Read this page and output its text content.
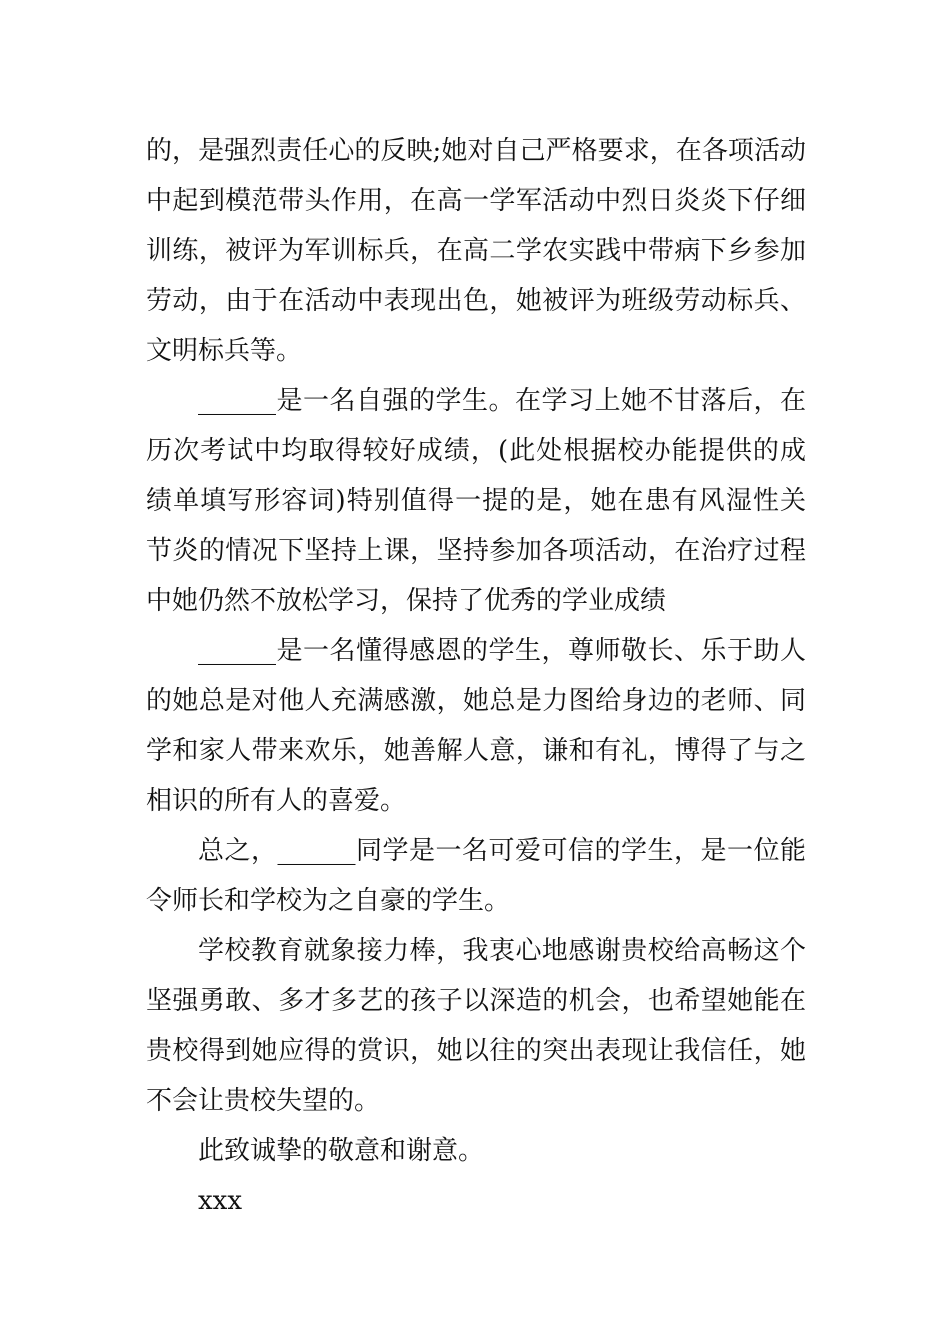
的，是强烈责任心的反映;她对自己严格要求，在各项活动中起到模范带头作用，在高一学军活动中烈日炎炎下仔细训练，被评为军训标兵，在高二学农实践中带病下乡参加劳动，由于在活动中表现出色，她被评为班级劳动标兵、文明标兵等。

______是一名自强的学生。在学习上她不甘落后，在历次考试中均取得较好成绩，(此处根据校办能提供的成绩单填写形容词)特别值得一提的是，她在患有风湿性关节炎的情况下坚持上课，坚持参加各项活动，在治疗过程中她仍然不放松学习，保持了优秀的学业成绩

______是一名懂得感恩的学生，尊师敬长、乐于助人的她总是对他人充满感激，她总是力图给身边的老师、同学和家人带来欢乐，她善解人意，谦和有礼，博得了与之相识的所有人的喜爱。

总之，______同学是一名可爱可信的学生，是一位能令师长和学校为之自豪的学生。

学校教育就象接力棒，我衷心地感谢贵校给高畅这个坚强勇敢、多才多艺的孩子以深造的机会，也希望她能在贵校得到她应得的赏识，她以往的突出表现让我信任，她不会让贵校失望的。

此致诚挚的敬意和谢意。

xxx
